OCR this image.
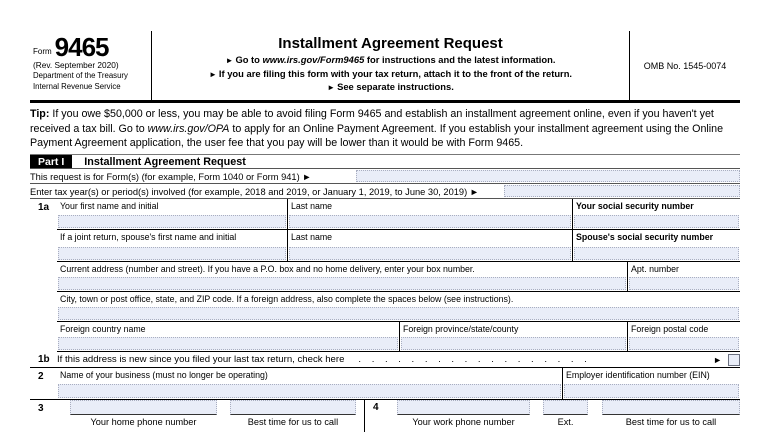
Form 9465
(Rev. September 2020)
Department of the Treasury
Internal Revenue Service
Installment Agreement Request
► Go to www.irs.gov/Form9465 for instructions and the latest information.
► If you are filing this form with your tax return, attach it to the front of the return.
► See separate instructions.
OMB No. 1545-0074
Tip: If you owe $50,000 or less, you may be able to avoid filing Form 9465 and establish an installment agreement online, even if you haven't yet received a tax bill. Go to www.irs.gov/OPA to apply for an Online Payment Agreement. If you establish your installment agreement using the Online Payment Agreement application, the user fee that you pay will be lower than it would be with Form 9465.
Part I	Installment Agreement Request
This request is for Form(s) (for example, Form 1040 or Form 941) ►
Enter tax year(s) or period(s) involved (for example, 2018 and 2019, or January 1, 2019, to June 30, 2019) ►
1a	Your first name and initial	Last name	Your social security number
If a joint return, spouse's first name and initial	Last name	Spouse's social security number
Current address (number and street). If you have a P.O. box and no home delivery, enter your box number.	Apt. number
City, town or post office, state, and ZIP code. If a foreign address, also complete the spaces below (see instructions).
Foreign country name	Foreign province/state/county	Foreign postal code
1b If this address is new since you filed your last tax return, check here	. . . . . . . . . . . . . . . . . .	►
2	Name of your business (must no longer be operating)	Employer identification number (EIN)
3
Your home phone number	Best time for us to call
4
Your work phone number	Ext.	Best time for us to call
